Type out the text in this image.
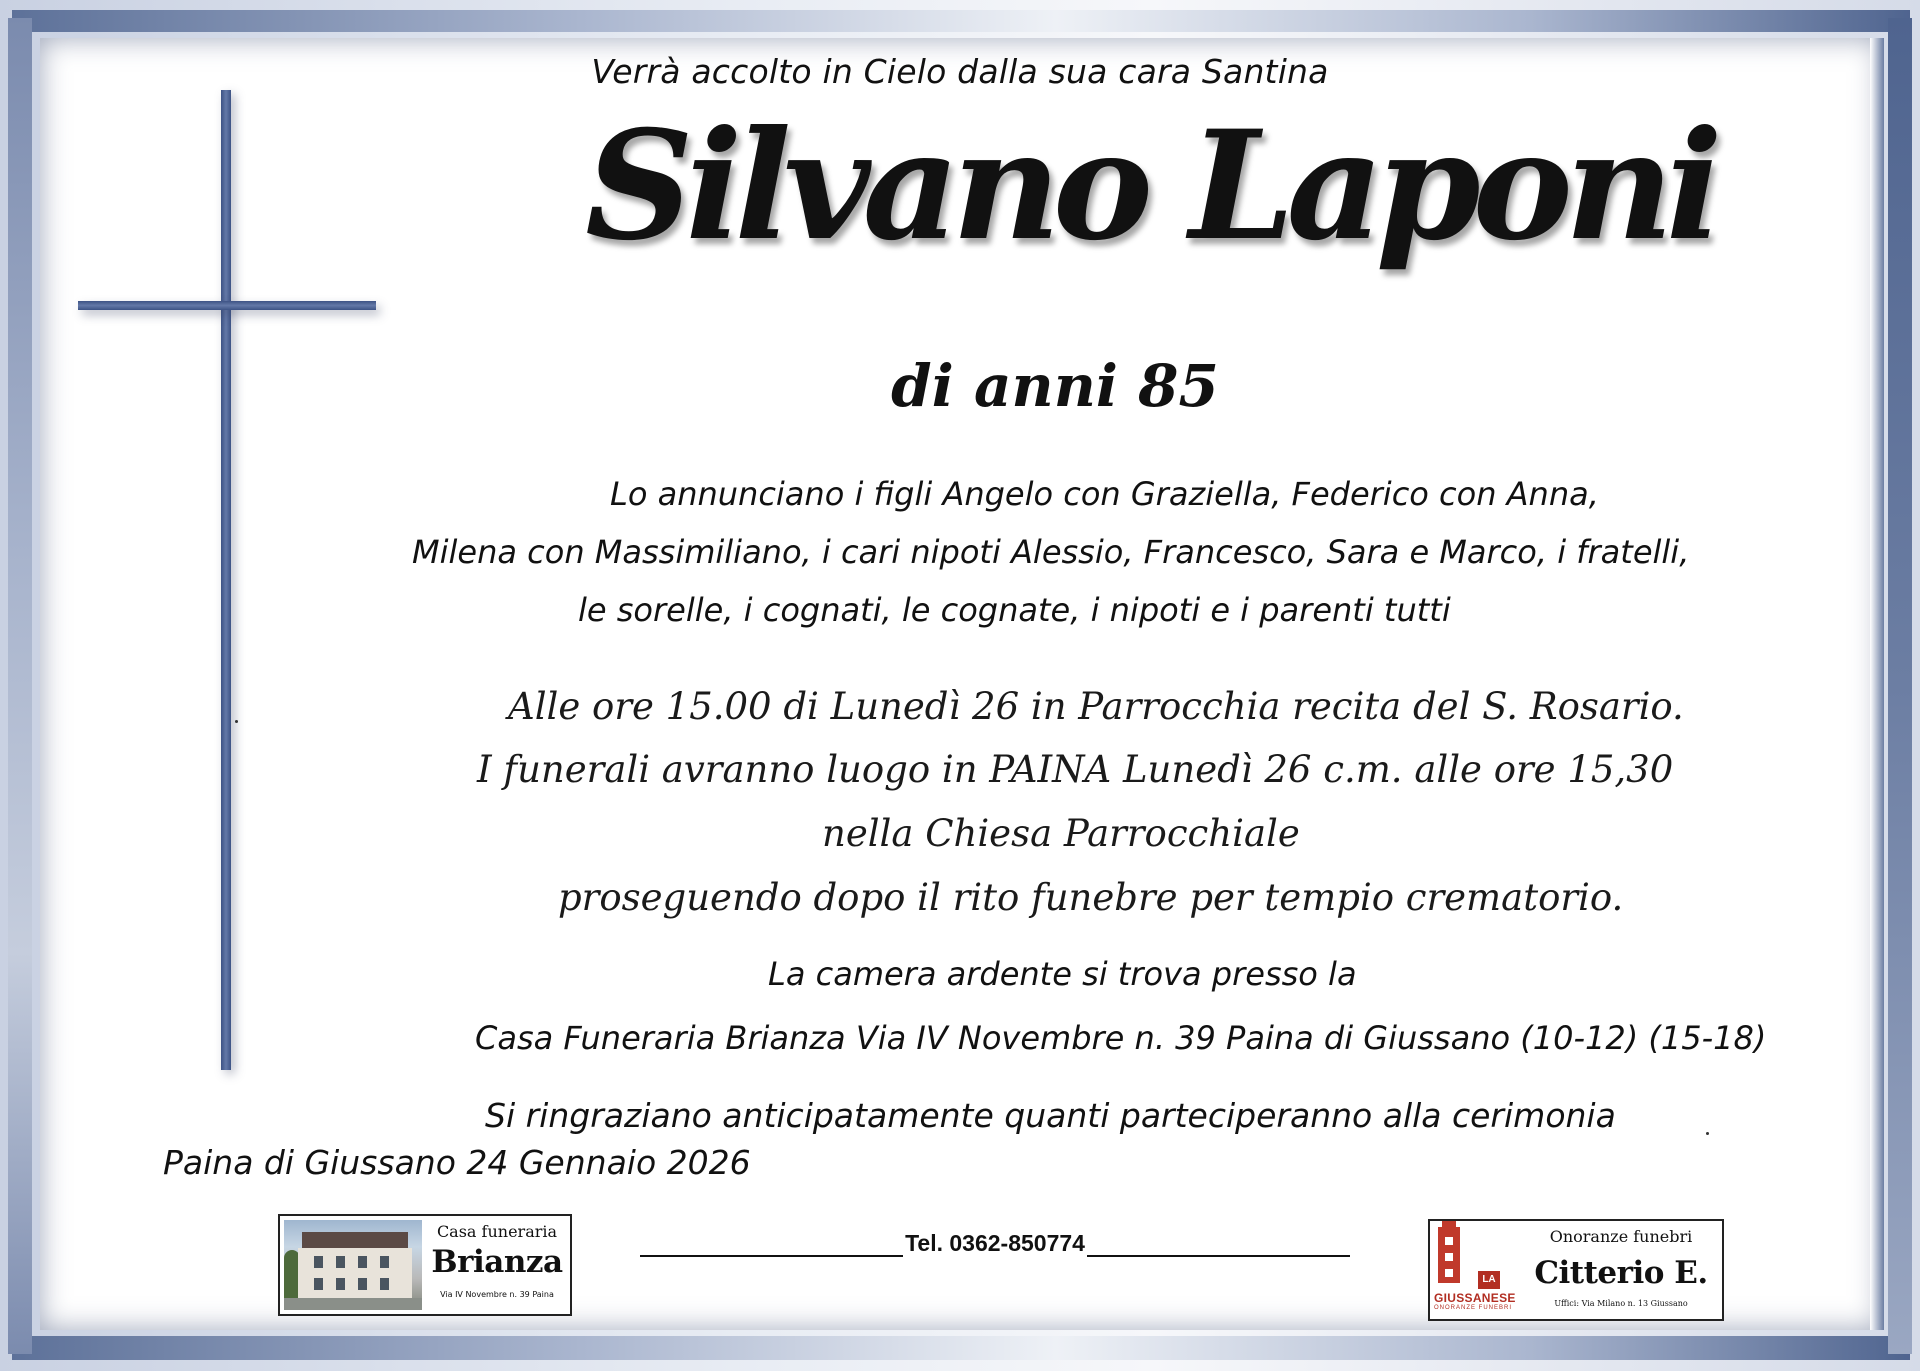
Verrà accolto in Cielo dalla sua cara Santina
Silvano Laponi
di anni 85
Lo annunciano i figli Angelo con Graziella, Federico con Anna,
Milena con Massimiliano, i cari nipoti Alessio, Francesco, Sara e Marco, i fratelli,
le sorelle, i cognati, le cognate, i nipoti e i parenti tutti
Alle ore 15.00 di Lunedì 26 in Parrocchia recita del S. Rosario.
I funerali avranno luogo in PAINA Lunedì 26 c.m. alle ore 15,30
nella Chiesa Parrocchiale
proseguendo dopo il rito funebre per tempio crematorio.
La camera ardente si trova presso la
Casa Funeraria Brianza Via IV Novembre n. 39 Paina di Giussano (10-12) (15-18)
Si ringraziano anticipatamente quanti parteciperanno alla cerimonia
Paina di Giussano 24 Gennaio 2026
Tel. 0362-850774
Casa funeraria
Brianza
Via IV Novembre n. 39 Paina
LA
GIUSSANESE
ONORANZE FUNEBRI
Onoranze funebri
Citterio E.
Uffici: Via Milano n. 13 Giussano
